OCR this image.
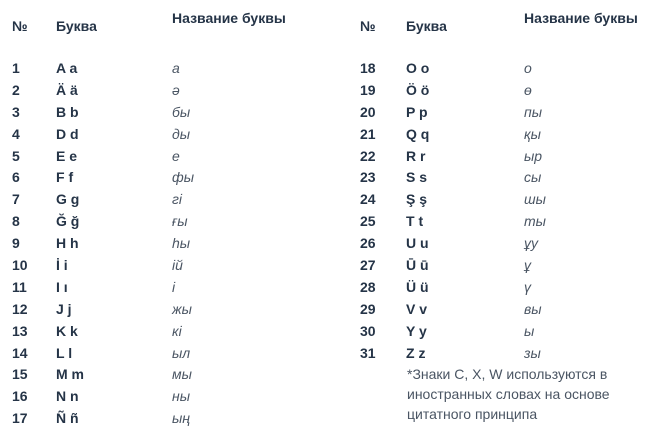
№ Буква	Название буквы
1	A a	а
2	Ä ä	ә
3	B b	бы
4	D d	ды
5	E e	е
6	F f	фы
7	G g	гі
8	Ğ ğ	ғы
9	H h	һы
10 İ i	ій
11 I ı	і
12 J j	жы
13 K k	кі
14 L l	ыл
15 M m	мы
16 N n	ны
17 Ñ ñ	ың
№ Буква	Название буквы
18 O o	о
19 Ö ö	ө
20 P p	пы
21 Q q	қы
22 R r	ыр
23 S s	сы
24 Ş ş	шы
25 T t	ты
26 U u	ұу
27 Ū ū	ұ
28 Ü ü	ү
29 V v	вы
30 Y y	ы
31 Z z	зы
*Знаки C, X, W используются в иностранных словах на основе цитатного принципа
